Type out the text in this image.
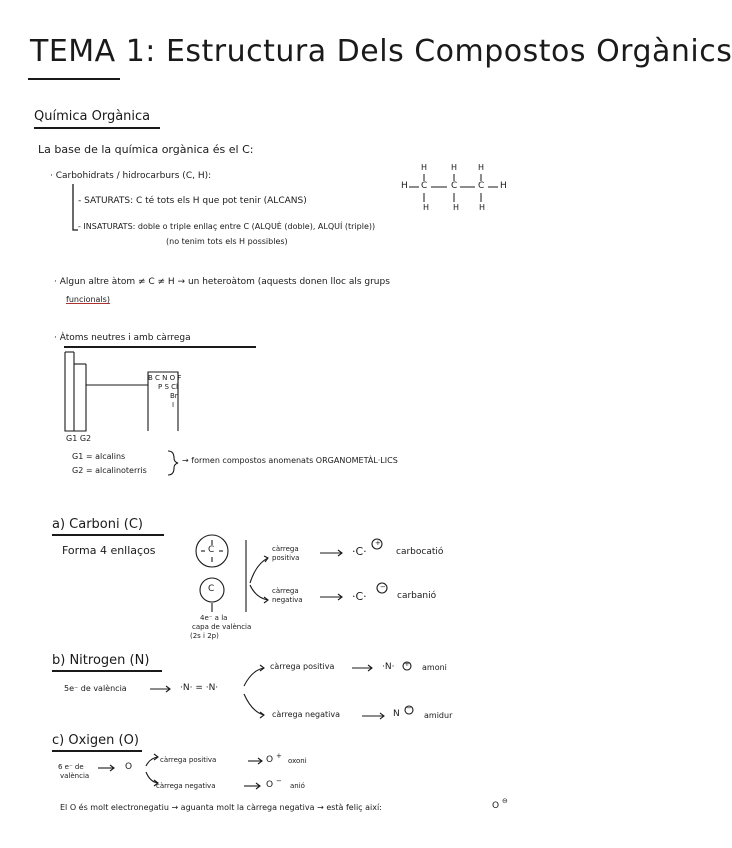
TEMA 1: Estructura Dels Compostos Orgànics
Química Orgànica
La base de la química orgànica és el C:
· Carbohidrats / hidrocarburs (C, H):
- SATURATS: C té tots els H que pot tenir (ALCANS)
- INSATURATS: doble o triple enllaç entre C (ALQUÈ (doble), ALQUÍ (triple))
(no tenim tots els H possibles)
H	H	H
H C	C C H
H	H H
· Algun altre àtom ≠ C ≠ H → un heteroàtom (aquests donen lloc als grups
funcionals)
· Àtoms neutres i amb càrrega
B C N O F
P S Cl
Br
I
G1 G2
G1 = alcalins
G2 = alcalinoterris
→ formen compostos anomenats ORGANOMETÀL·LICS
a) Carboni (C)
Forma 4 enllaços	C
C
4e⁻ a la
capa de valència
(2s i 2p)
càrrega
positiva
càrrega
negativa
·C·
+
carbocatió
·C·
−
carbanió
b) Nitrogen (N)
5e⁻ de valència	·N· = ·N·
càrrega positiva	·N· + amoni
càrrega negativa	N
−
amidur
c) Oxigen (O)
6 e⁻ de
valència
O
càrrega positiva	O +
oxoni
càrrega negativa	O −
anió
El O és molt electronegatiu → aguanta molt la càrrega negativa → està feliç així:	O ⊖
